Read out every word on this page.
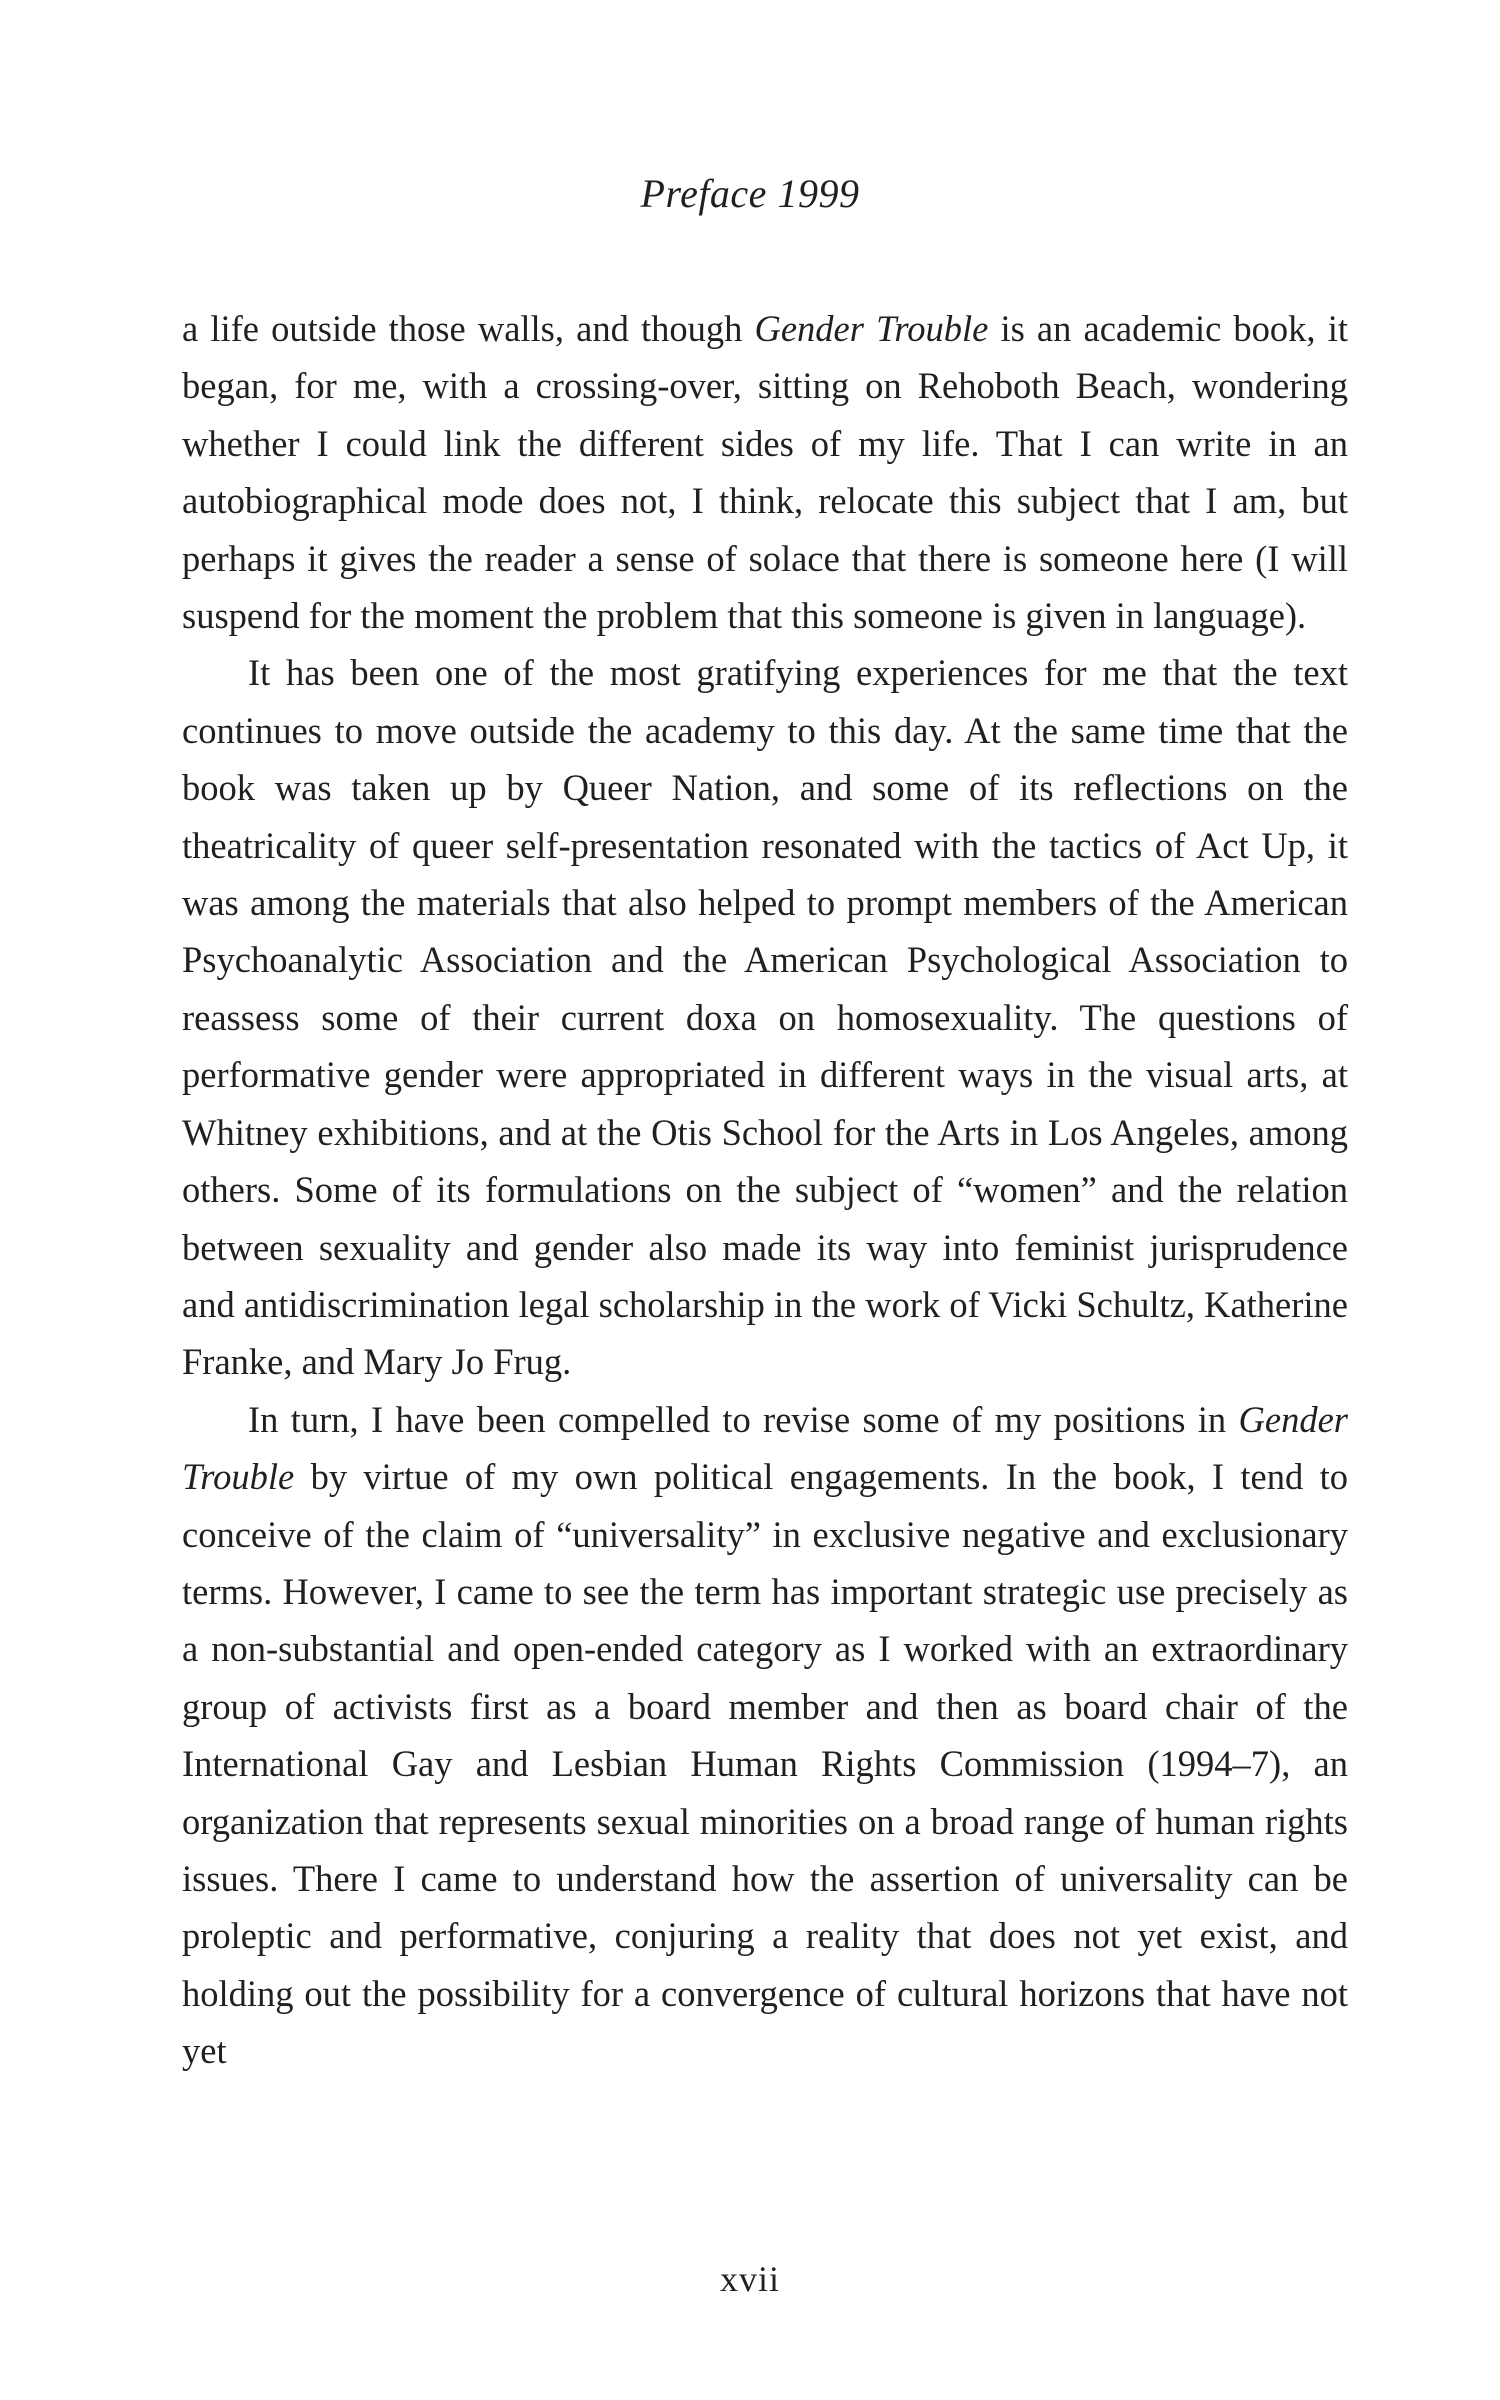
Preface 1999

a life outside those walls, and though Gender Trouble is an academic book, it began, for me, with a crossing-over, sitting on Rehoboth Beach, wondering whether I could link the different sides of my life. That I can write in an autobiographical mode does not, I think, relocate this subject that I am, but perhaps it gives the reader a sense of solace that there is someone here (I will suspend for the moment the problem that this someone is given in language).

It has been one of the most gratifying experiences for me that the text continues to move outside the academy to this day. At the same time that the book was taken up by Queer Nation, and some of its reflections on the theatricality of queer self-presentation resonated with the tactics of Act Up, it was among the materials that also helped to prompt members of the American Psychoanalytic Association and the American Psychological Association to reassess some of their current doxa on homosexuality. The questions of performative gender were appropriated in different ways in the visual arts, at Whitney exhibitions, and at the Otis School for the Arts in Los Angeles, among others. Some of its formulations on the subject of “women” and the relation between sexuality and gender also made its way into feminist jurisprudence and antidiscrimination legal scholarship in the work of Vicki Schultz, Katherine Franke, and Mary Jo Frug.

In turn, I have been compelled to revise some of my positions in Gender Trouble by virtue of my own political engagements. In the book, I tend to conceive of the claim of “universality” in exclusive negative and exclusionary terms. However, I came to see the term has important strategic use precisely as a non-substantial and open-ended category as I worked with an extraordinary group of activists first as a board member and then as board chair of the International Gay and Lesbian Human Rights Commission (1994–7), an organization that represents sexual minorities on a broad range of human rights issues. There I came to understand how the assertion of universality can be proleptic and performative, conjuring a reality that does not yet exist, and holding out the possibility for a convergence of cultural horizons that have not yet

xvii
